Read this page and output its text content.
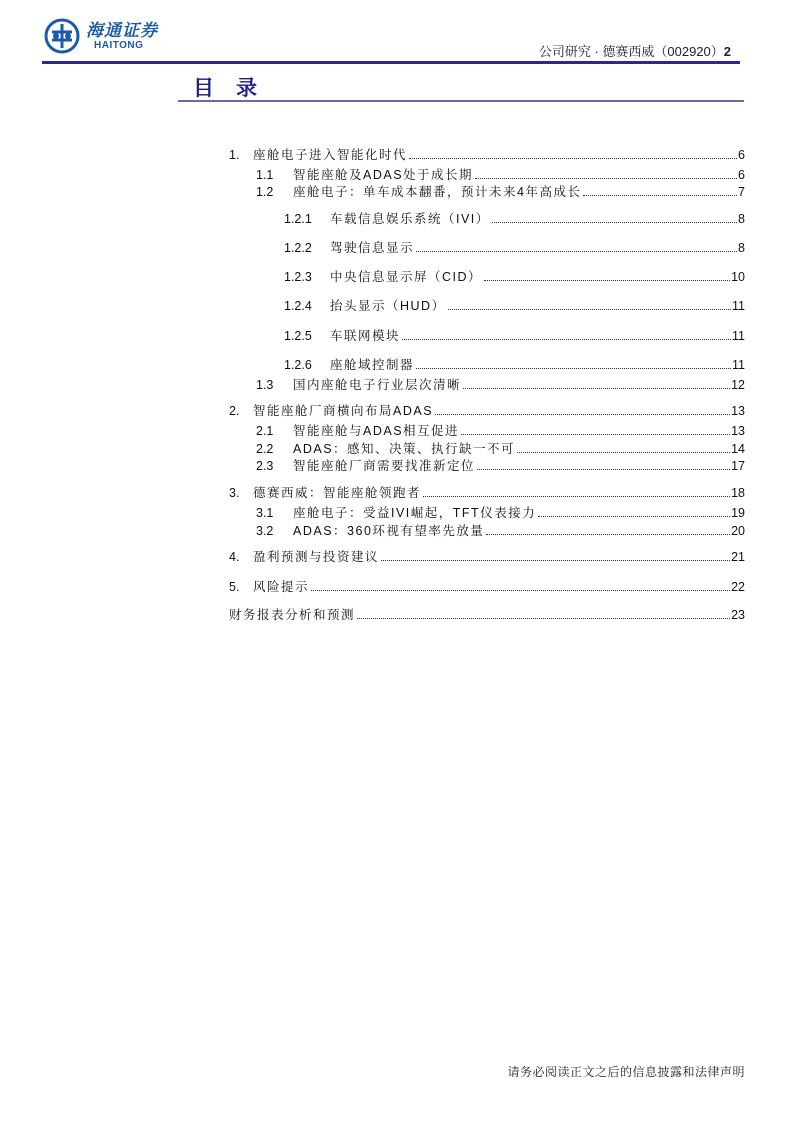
海通证券
HAITONG	公司研究 · 德赛西威（002920）2
目录
1.	座舱电子进入智能化时代	6
1.1	智能座舱及ADAS处于成长期	6
1.2	座舱电子：单车成本翻番，预计未来4年高成长	7
1.2.1	车载信息娱乐系统（IVI）	8
1.2.2	驾驶信息显示	8
1.2.3	中央信息显示屏（CID）	10
1.2.4	抬头显示（HUD）	11
1.2.5	车联网模块	11
1.2.6	座舱域控制器	11
1.3	国内座舱电子行业层次清晰	12
2.	智能座舱厂商横向布局ADAS	13
2.1	智能座舱与ADAS相互促进	13
2.2	ADAS：感知、决策、执行缺一不可	14
2.3	智能座舱厂商需要找准新定位	17
3.	德赛西威：智能座舱领跑者	18
3.1	座舱电子：受益IVI崛起，TFT仪表接力	19
3.2	ADAS：360环视有望率先放量	20
4.	盈利预测与投资建议	21
5.	风险提示	22
财务报表分析和预测	23
请务必阅读正文之后的信息披露和法律声明
